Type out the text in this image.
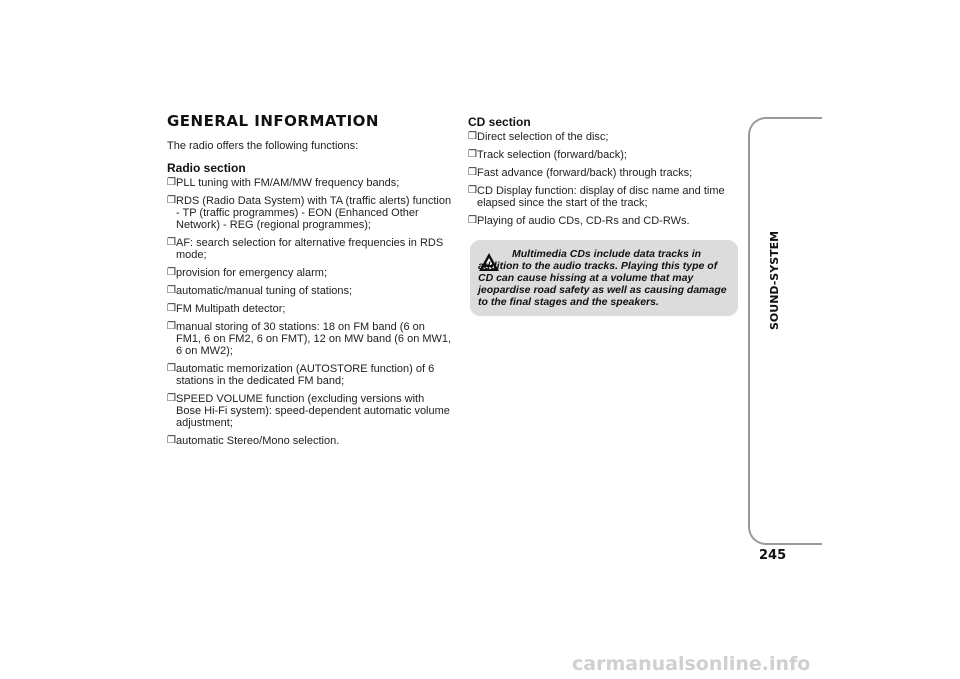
GENERAL INFORMATION
The radio offers the following functions:
Radio section
❒ PLL tuning with FM/AM/MW frequency bands;
❒ RDS (Radio Data System) with TA (traffic alerts) function - TP (traffic programmes) - EON (Enhanced Other Network) - REG (regional programmes);
❒ AF: search selection for alternative frequencies in RDS mode;
❒ provision for emergency alarm;
❒ automatic/manual tuning of stations;
❒ FM Multipath detector;
❒ manual storing of 30 stations: 18 on FM band (6 on FM1, 6 on FM2, 6 on FMT), 12 on MW band (6 on MW1, 6 on MW2);
❒ automatic memorization (AUTOSTORE function) of 6 stations in the dedicated FM band;
❒ SPEED VOLUME function (excluding versions with Bose Hi-Fi system): speed-dependent automatic volume adjustment;
❒ automatic Stereo/Mono selection.
CD section
❒ Direct selection of the disc;
❒ Track selection (forward/back);
❒ Fast advance (forward/back) through tracks;
❒ CD Display function: display of disc name and time elapsed since the start of the track;
❒ Playing of audio CDs, CD-Rs and CD-RWs.
Multimedia CDs include data tracks in addition to the audio tracks. Playing this type of CD can cause hissing at a volume that may jeopardise road safety as well as causing damage to the final stages and the speakers.	SOUND-SYSTEM
245
carmanualsonline.info
